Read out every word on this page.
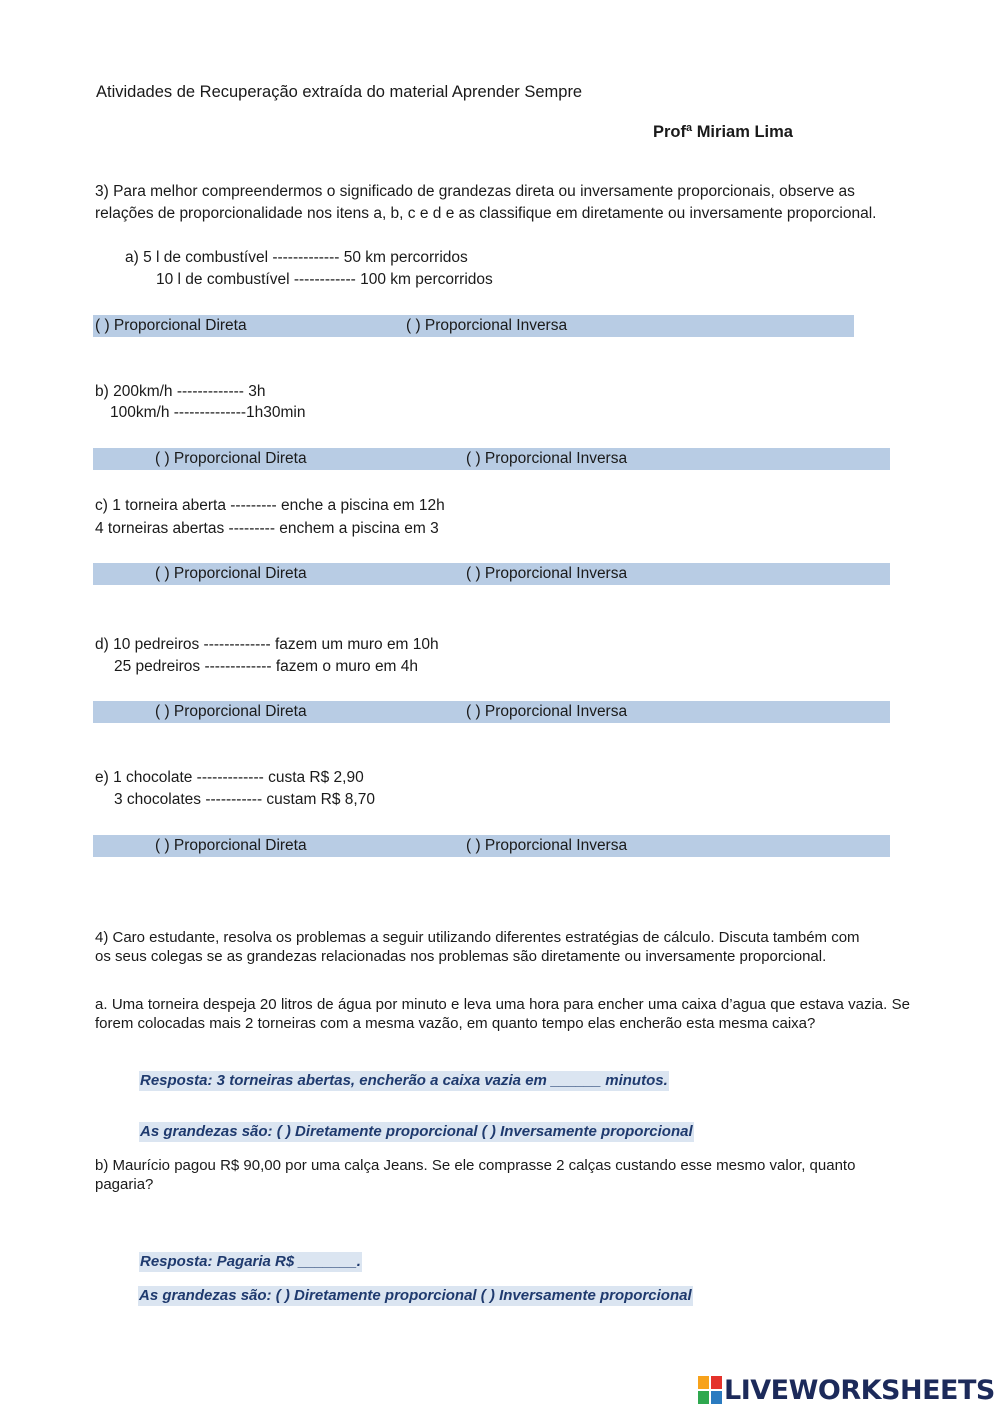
Atividades de Recuperação extraída do material Aprender Sempre
Profª Miriam Lima
3) Para melhor compreendermos o significado de grandezas direta ou inversamente proporcionais, observe as relações de proporcionalidade nos itens a, b, c e d e as classifique em diretamente ou inversamente proporcional.
a) 5 l de combustível ------------- 50 km percorridos
10 l de combustível ------------ 100 km percorridos
( ) Proporcional Direta	( ) Proporcional Inversa
b) 200km/h ------------- 3h
100km/h --------------1h30min
( ) Proporcional Direta	( ) Proporcional Inversa
c) 1 torneira aberta --------- enche a piscina em 12h
4 torneiras abertas --------- enchem a piscina em 3
( ) Proporcional Direta	( ) Proporcional Inversa
d) 10 pedreiros ------------- fazem um muro em 10h
25 pedreiros ------------- fazem o muro em 4h
( ) Proporcional Direta	( ) Proporcional Inversa
e) 1 chocolate ------------- custa R$ 2,90
3 chocolates ----------- custam R$ 8,70
( ) Proporcional Direta	( ) Proporcional Inversa
4) Caro estudante, resolva os problemas a seguir utilizando diferentes estratégias de cálculo. Discuta também com os seus colegas se as grandezas relacionadas nos problemas são diretamente ou inversamente proporcional.
a. Uma torneira despeja 20 litros de água por minuto e leva uma hora para encher uma caixa d’agua que estava vazia. Se forem colocadas mais 2 torneiras com a mesma vazão, em quanto tempo elas encherão esta mesma caixa?
Resposta: 3 torneiras abertas, encherão a caixa vazia em ______ minutos.
As grandezas são: ( ) Diretamente proporcional ( ) Inversamente proporcional
b) Maurício pagou R$ 90,00 por uma calça Jeans. Se ele comprasse 2 calças custando esse mesmo valor, quanto pagaria?
Resposta: Pagaria R$ _______.
As grandezas são: ( ) Diretamente proporcional ( ) Inversamente proporcional
LIVEWORKSHEETS
